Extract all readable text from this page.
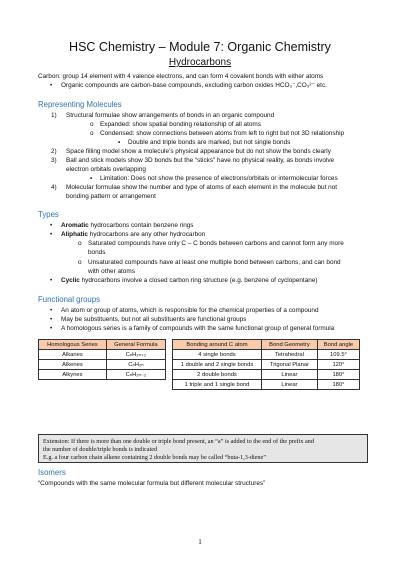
HSC Chemistry – Module 7: Organic Chemistry
Hydrocarbons
Carbon: group 14 element with 4 valence electrons, and can form 4 covalent bonds with either atoms
• Organic compounds are carbon-base compounds, excluding carbon oxides HCO₃⁻,CO₃²⁻ etc.
Representing Molecules
1) Structural formulae show arrangements of bonds in an organic compound
o Expanded: show spatial bonding relationship of all atoms
o Condensed: show connections between atoms from left to right but not 3D relationship
▪ Double and triple bonds are marked, but not single bonds
2) Space filling model show a molecule’s physical appearance but do not show the bonds clearly
3) Ball and stick models show 3D bonds but the “sticks” have no physical reality, as bonds involve
electron orbitals overlapping
▪ Limitation: Does not show the presence of electrons/orbitals or intermolecular forces
4) Molecular formulae show the number and type of atoms of each element in the molecule but not
bonding pattern or arrangement
Types
• Aromatic hydrocarbons contain benzene rings
• Aliphatic hydrocarbons are any other hydrocarbon
o Saturated compounds have only C – C bonds between carbons and cannot form any more
bonds
o Unsaturated compounds have at least one multiple bond between carbons, and can bond
with other atoms
• Cyclic hydrocarbons involve a closed carbon ring structure (e.g. benzene of cyclopentane)
Functional groups
• An atom or group of atoms, which is responsible for the chemical properties of a compound
• May be substituents, but not all substituents are functional groups
• A homologous series is a family of compounds with the same functional group of general formula
Homologous Series	General Formula
Alkanes	CₙH₂ₙ₊₂
Alkenes	CₙH₂ₙ
Alkynes	CₙH₂ₙ₋₂
Bonding around C atom	Bond Geometry	Bond angle
4 single bonds	Tetrahedral	109.5°
1 double and 2 single bonds	Trigonal Planar	120°
2 double bonds	Linear	180°
1 triple and 1 single bond	Linear	180°
Extension: If there is more than one double or triple bond present, an “a” is added to the end of the prefix and
the number of double/triple bonds is indicated
E.g. a four carbon chain alkene containing 2 double bonds may be called “buta-1,3-diene”
Isomers
“Compounds with the same molecular formula but different molecular structures”
1
